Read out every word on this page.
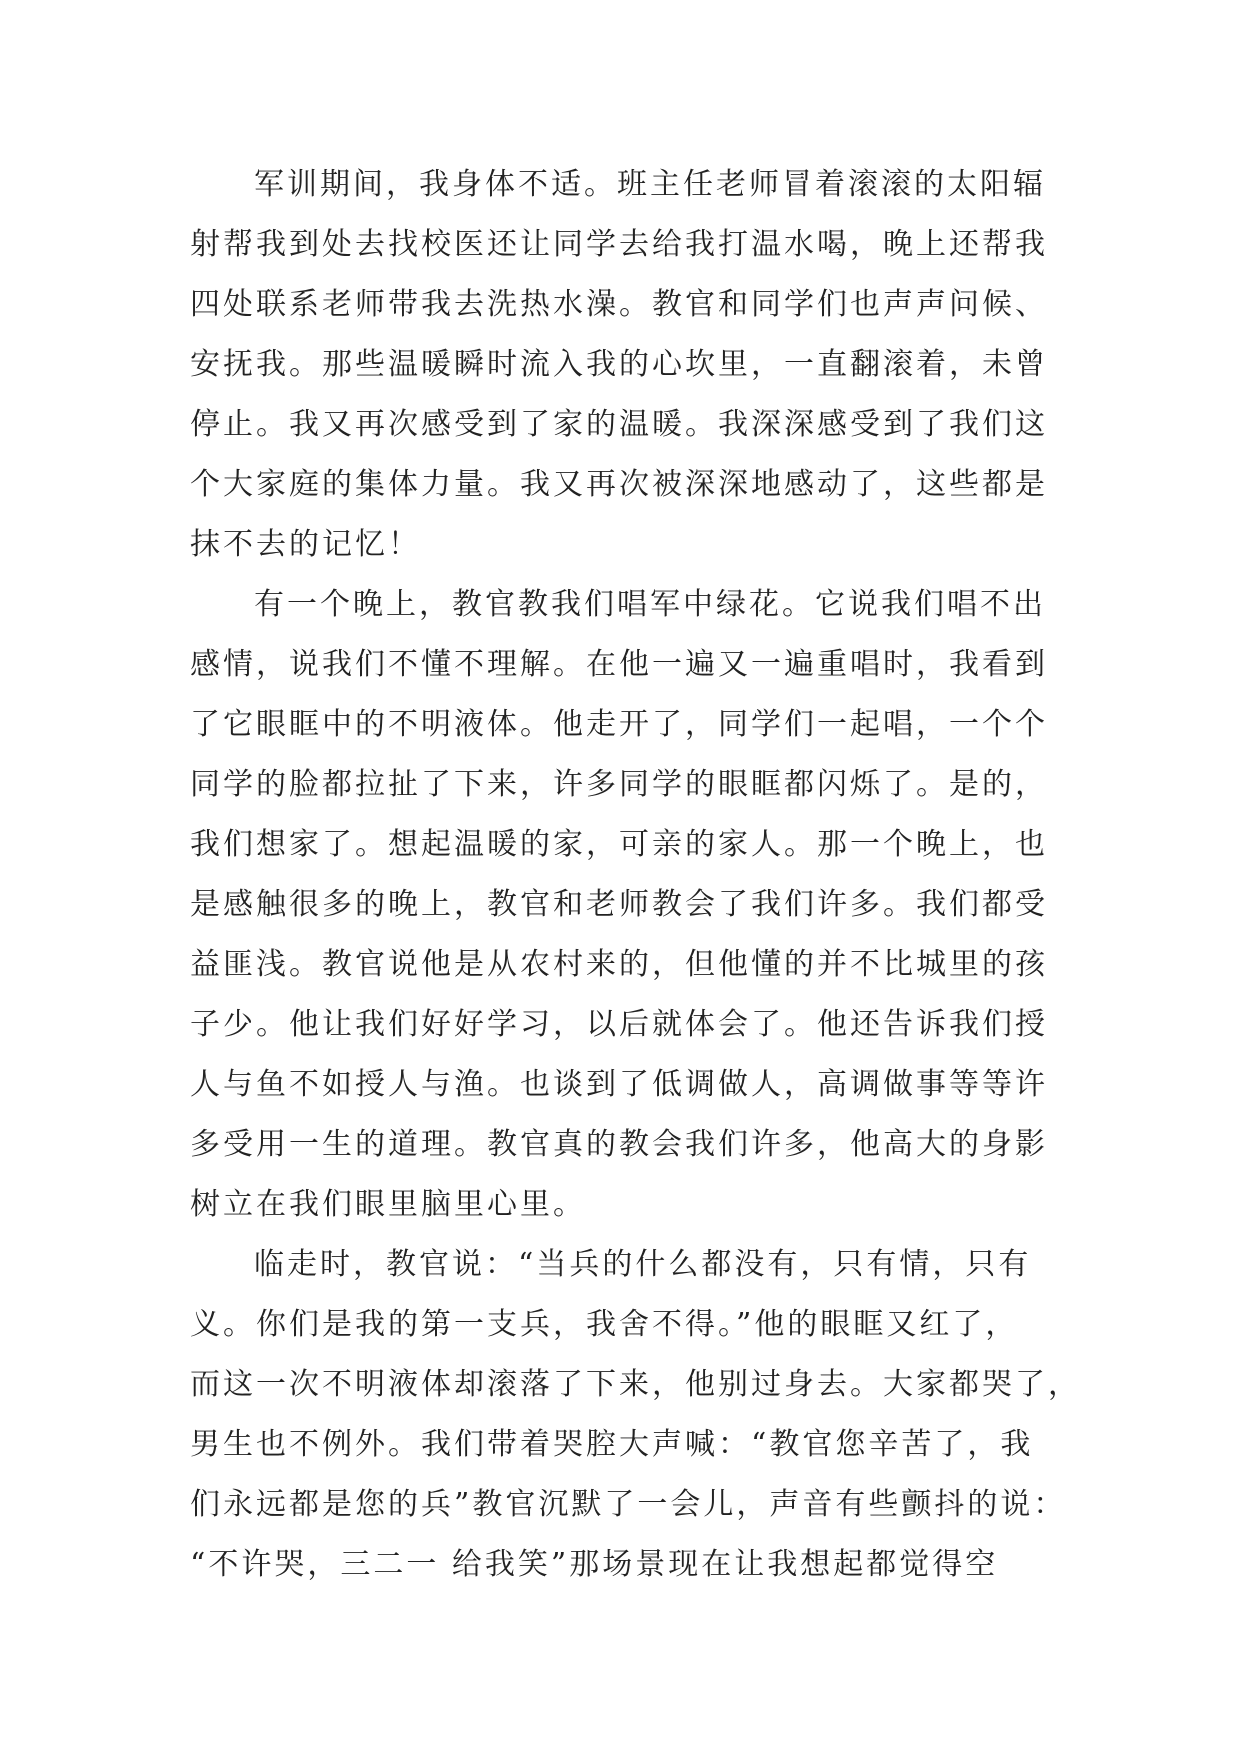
军训期间，我身体不适。班主任老师冒着滚滚的太阳辐
射帮我到处去找校医还让同学去给我打温水喝，晚上还帮我
四处联系老师带我去洗热水澡。教官和同学们也声声问候、
安抚我。那些温暖瞬时流入我的心坎里，一直翻滚着，未曾
停止。我又再次感受到了家的温暖。我深深感受到了我们这
个大家庭的集体力量。我又再次被深深地感动了，这些都是
抹不去的记忆！
有一个晚上，教官教我们唱军中绿花。它说我们唱不出
感情，说我们不懂不理解。在他一遍又一遍重唱时，我看到
了它眼眶中的不明液体。他走开了，同学们一起唱，一个个
同学的脸都拉扯了下来，许多同学的眼眶都闪烁了。是的，
我们想家了。想起温暖的家，可亲的家人。那一个晚上，也
是感触很多的晚上，教官和老师教会了我们许多。我们都受
益匪浅。教官说他是从农村来的，但他懂的并不比城里的孩
子少。他让我们好好学习，以后就体会了。他还告诉我们授
人与鱼不如授人与渔。也谈到了低调做人，高调做事等等许
多受用一生的道理。教官真的教会我们许多，他高大的身影
树立在我们眼里脑里心里。
临走时，教官说：“当兵的什么都没有，只有情，只有
义。你们是我的第一支兵，我舍不得。”他的眼眶又红了，
而这一次不明液体却滚落了下来，他别过身去。大家都哭了，
男生也不例外。我们带着哭腔大声喊：“教官您辛苦了，我
们永远都是您的兵”教官沉默了一会儿，声音有些颤抖的说：
“不许哭，三二一 给我笑”那场景现在让我想起都觉得空
